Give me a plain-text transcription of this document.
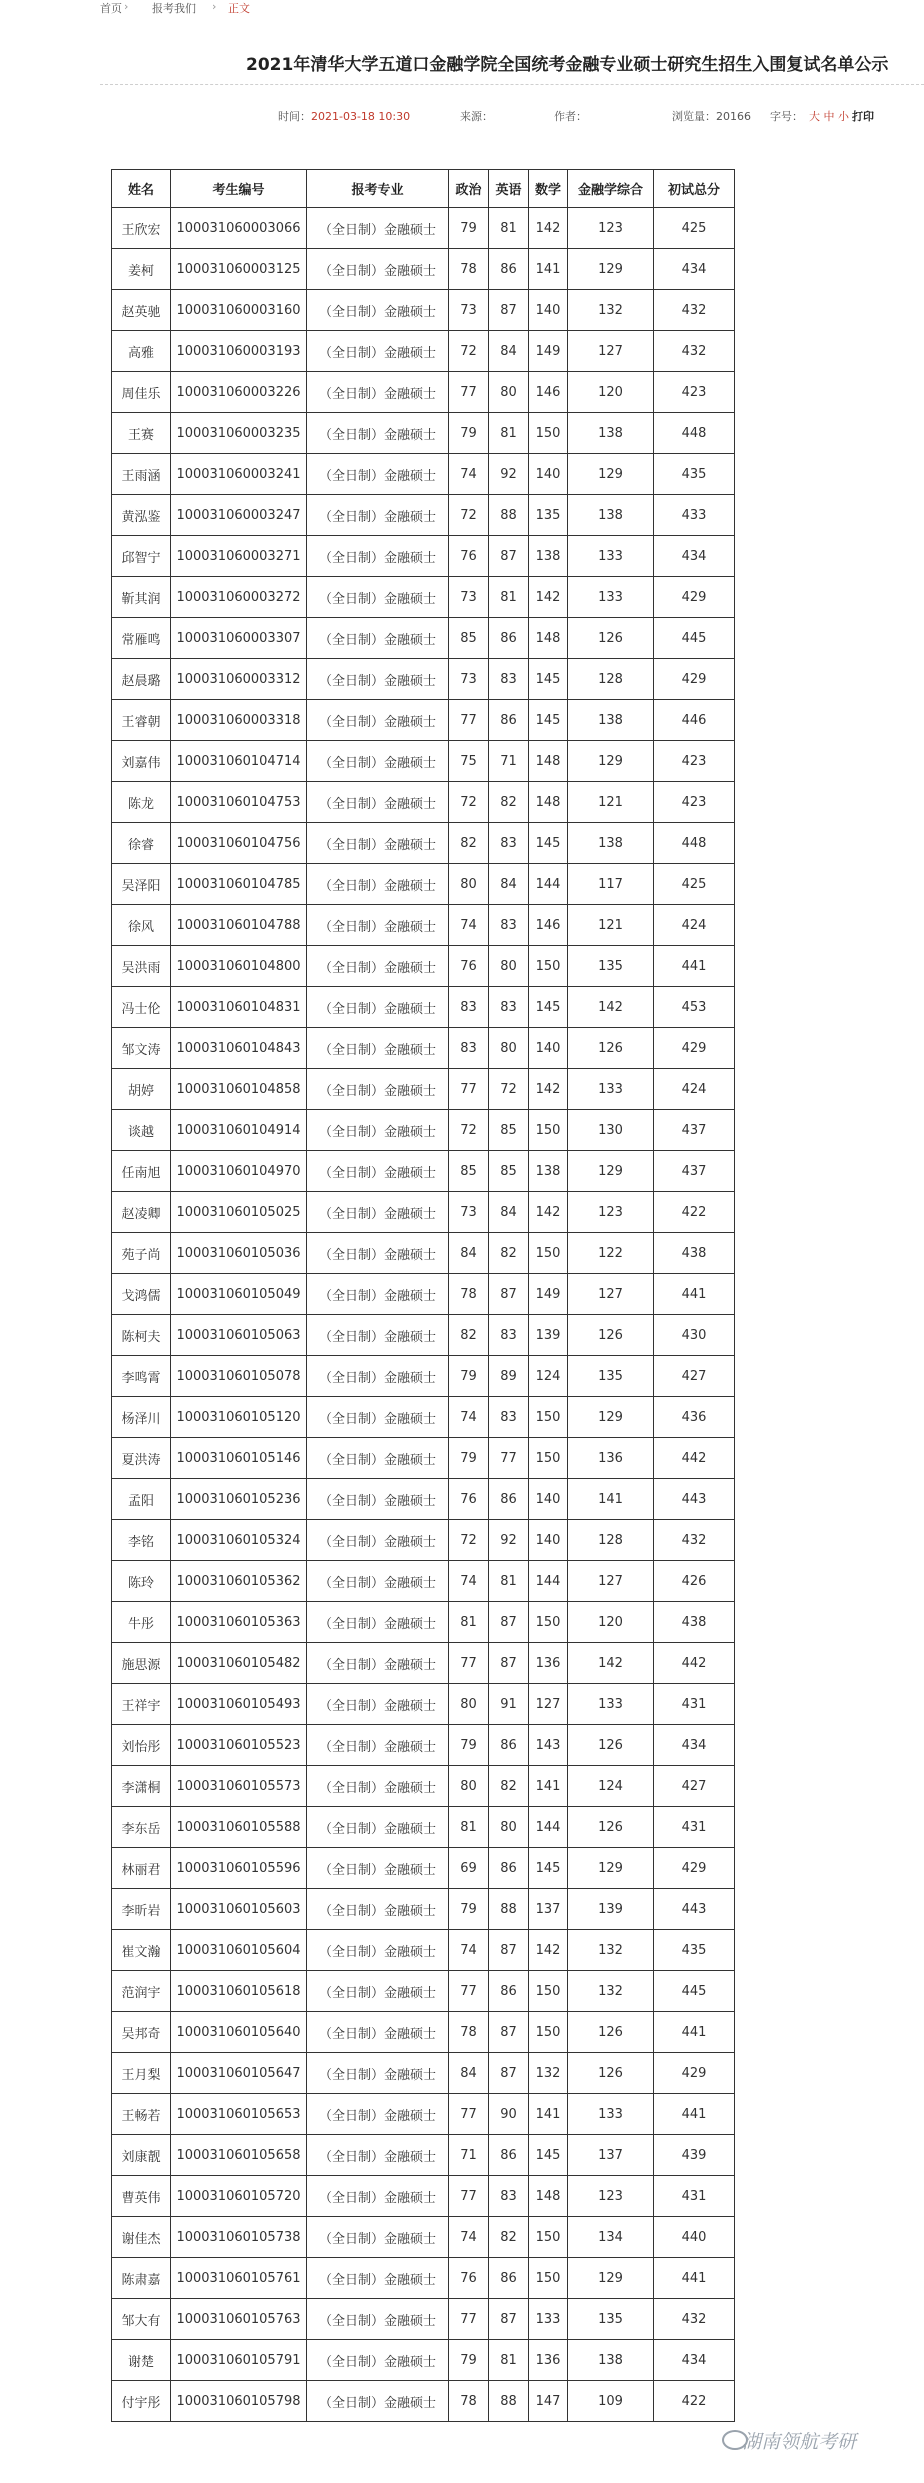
首页 › 报考我们 › 正文
2021年清华大学五道口金融学院全国统考金融专业硕士研究生招生入围复试名单公示
时间：2021-03-18 10:30	来源：	作者：	浏览量：20166 字号： 大 中 小 打印
姓名	考生编号	报考专业	政治	英语	数学	金融学综合	初试总分
王欣宏	100031060003066	（全日制）金融硕士	79	81	142	123	425
姜柯	100031060003125	（全日制）金融硕士	78	86	141	129	434
赵英驰	100031060003160	（全日制）金融硕士	73	87	140	132	432
高雅	100031060003193	（全日制）金融硕士	72	84	149	127	432
周佳乐	100031060003226	（全日制）金融硕士	77	80	146	120	423
王赛	100031060003235	（全日制）金融硕士	79	81	150	138	448
王雨涵	100031060003241	（全日制）金融硕士	74	92	140	129	435
黄泓鉴	100031060003247	（全日制）金融硕士	72	88	135	138	433
邱智宁	100031060003271	（全日制）金融硕士	76	87	138	133	434
靳其润	100031060003272	（全日制）金融硕士	73	81	142	133	429
常雁鸣	100031060003307	（全日制）金融硕士	85	86	148	126	445
赵晨璐	100031060003312	（全日制）金融硕士	73	83	145	128	429
王睿朝	100031060003318	（全日制）金融硕士	77	86	145	138	446
刘嘉伟	100031060104714	（全日制）金融硕士	75	71	148	129	423
陈龙	100031060104753	（全日制）金融硕士	72	82	148	121	423
徐睿	100031060104756	（全日制）金融硕士	82	83	145	138	448
吴泽阳	100031060104785	（全日制）金融硕士	80	84	144	117	425
徐风	100031060104788	（全日制）金融硕士	74	83	146	121	424
吴洪雨	100031060104800	（全日制）金融硕士	76	80	150	135	441
冯士伦	100031060104831	（全日制）金融硕士	83	83	145	142	453
邹文涛	100031060104843	（全日制）金融硕士	83	80	140	126	429
胡婷	100031060104858	（全日制）金融硕士	77	72	142	133	424
谈越	100031060104914	（全日制）金融硕士	72	85	150	130	437
任南旭	100031060104970	（全日制）金融硕士	85	85	138	129	437
赵凌卿	100031060105025	（全日制）金融硕士	73	84	142	123	422
苑子尚	100031060105036	（全日制）金融硕士	84	82	150	122	438
戈鸿儒	100031060105049	（全日制）金融硕士	78	87	149	127	441
陈柯夫	100031060105063	（全日制）金融硕士	82	83	139	126	430
李鸣霄	100031060105078	（全日制）金融硕士	79	89	124	135	427
杨泽川	100031060105120	（全日制）金融硕士	74	83	150	129	436
夏洪涛	100031060105146	（全日制）金融硕士	79	77	150	136	442
孟阳	100031060105236	（全日制）金融硕士	76	86	140	141	443
李铭	100031060105324	（全日制）金融硕士	72	92	140	128	432
陈玲	100031060105362	（全日制）金融硕士	74	81	144	127	426
牛彤	100031060105363	（全日制）金融硕士	81	87	150	120	438
施思源	100031060105482	（全日制）金融硕士	77	87	136	142	442
王祥宇	100031060105493	（全日制）金融硕士	80	91	127	133	431
刘怡彤	100031060105523	（全日制）金融硕士	79	86	143	126	434
李潇桐	100031060105573	（全日制）金融硕士	80	82	141	124	427
李东岳	100031060105588	（全日制）金融硕士	81	80	144	126	431
林丽君	100031060105596	（全日制）金融硕士	69	86	145	129	429
李昕岩	100031060105603	（全日制）金融硕士	79	88	137	139	443
崔文瀚	100031060105604	（全日制）金融硕士	74	87	142	132	435
范润宇	100031060105618	（全日制）金融硕士	77	86	150	132	445
吴邦奇	100031060105640	（全日制）金融硕士	78	87	150	126	441
王月梨	100031060105647	（全日制）金融硕士	84	87	132	126	429
王畅若	100031060105653	（全日制）金融硕士	77	90	141	133	441
刘康靓	100031060105658	（全日制）金融硕士	71	86	145	137	439
曹英伟	100031060105720	（全日制）金融硕士	77	83	148	123	431
谢佳杰	100031060105738	（全日制）金融硕士	74	82	150	134	440
陈肃嘉	100031060105761	（全日制）金融硕士	76	86	150	129	441
邹大有	100031060105763	（全日制）金融硕士	77	87	133	135	432
谢楚	100031060105791	（全日制）金融硕士	79	81	136	138	434
付宇彤	100031060105798	（全日制）金融硕士	78	88	147	109	422
湖南领航考研
